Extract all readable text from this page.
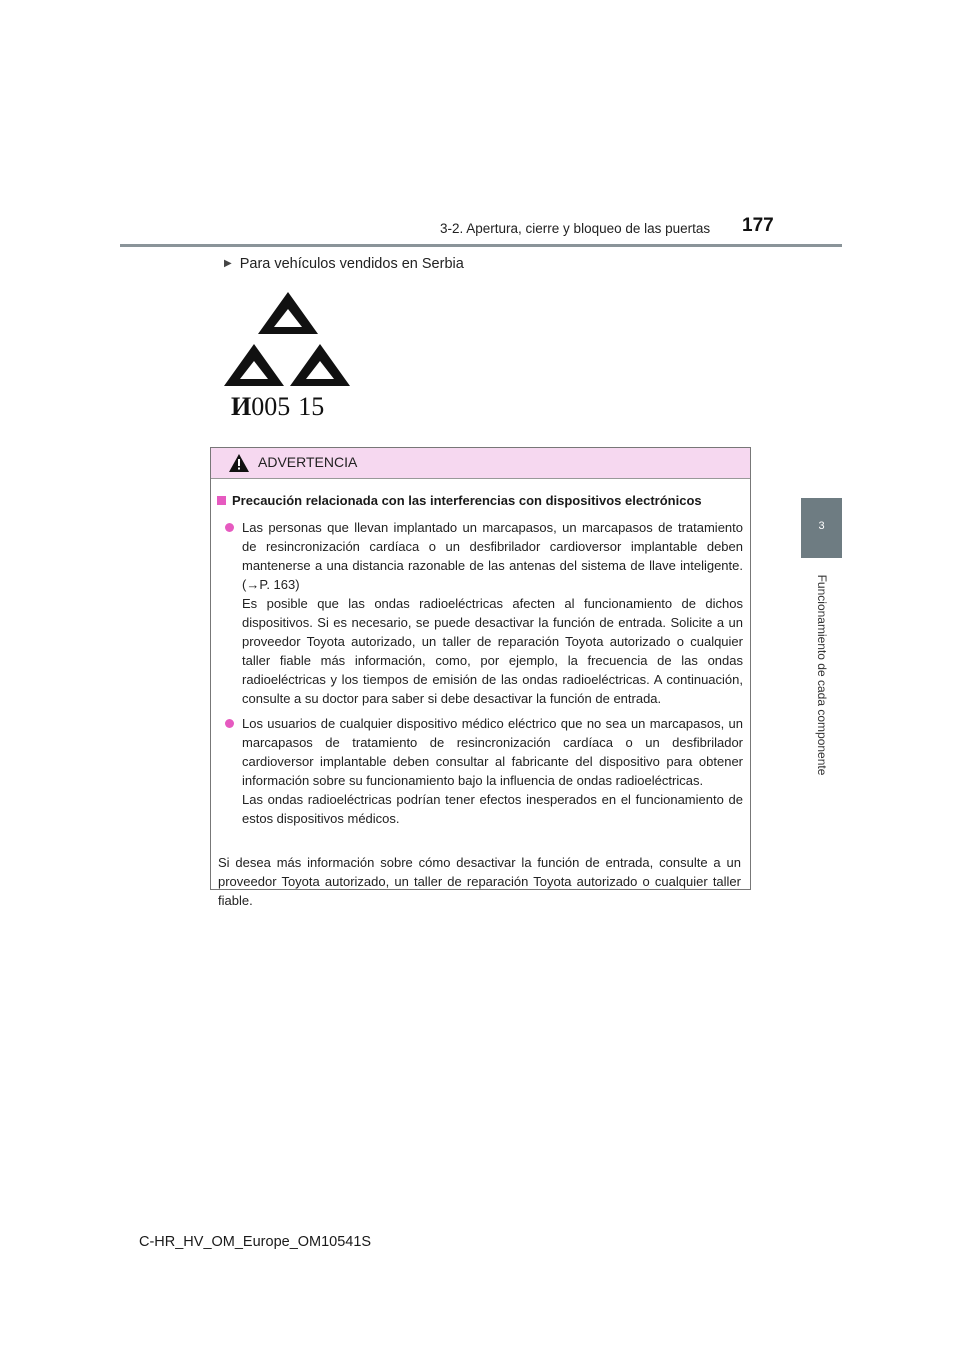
3-2. Apertura, cierre y bloqueo de las puertas 177
3
Funcionamiento de cada componente
▶ Para vehículos vendidos en Serbia
И005 15
ADVERTENCIA
Precaución relacionada con las interferencias con dispositivos electrónicos

Las personas que llevan implantado un marcapasos, un marcapasos de tratamiento de resincronización cardíaca o un desfibrilador cardioversor implantable deben mantenerse a una distancia razonable de las antenas del sistema de llave inteligente. (→P. 163)

Es posible que las ondas radioeléctricas afecten al funcionamiento de dichos dispositivos. Si es necesario, se puede desactivar la función de entrada. Solicite a un proveedor Toyota autorizado, un taller de reparación Toyota autorizado o cualquier taller fiable más información, como, por ejemplo, la frecuencia de las ondas radioeléctricas y los tiempos de emisión de las ondas radioeléctricas. A continuación, consulte a su doctor para saber si debe desactivar la función de entrada.

Los usuarios de cualquier dispositivo médico eléctrico que no sea un marcapasos, un marcapasos de tratamiento de resincronización cardíaca o un desfibrilador cardioversor implantable deben consultar al fabricante del dispositivo para obtener información sobre su funcionamiento bajo la influencia de ondas radioeléctricas.

Las ondas radioeléctricas podrían tener efectos inesperados en el funcionamiento de estos dispositivos médicos.

Si desea más información sobre cómo desactivar la función de entrada, consulte a un proveedor Toyota autorizado, un taller de reparación Toyota autorizado o cualquier taller fiable.
C-HR_HV_OM_Europe_OM10541S
